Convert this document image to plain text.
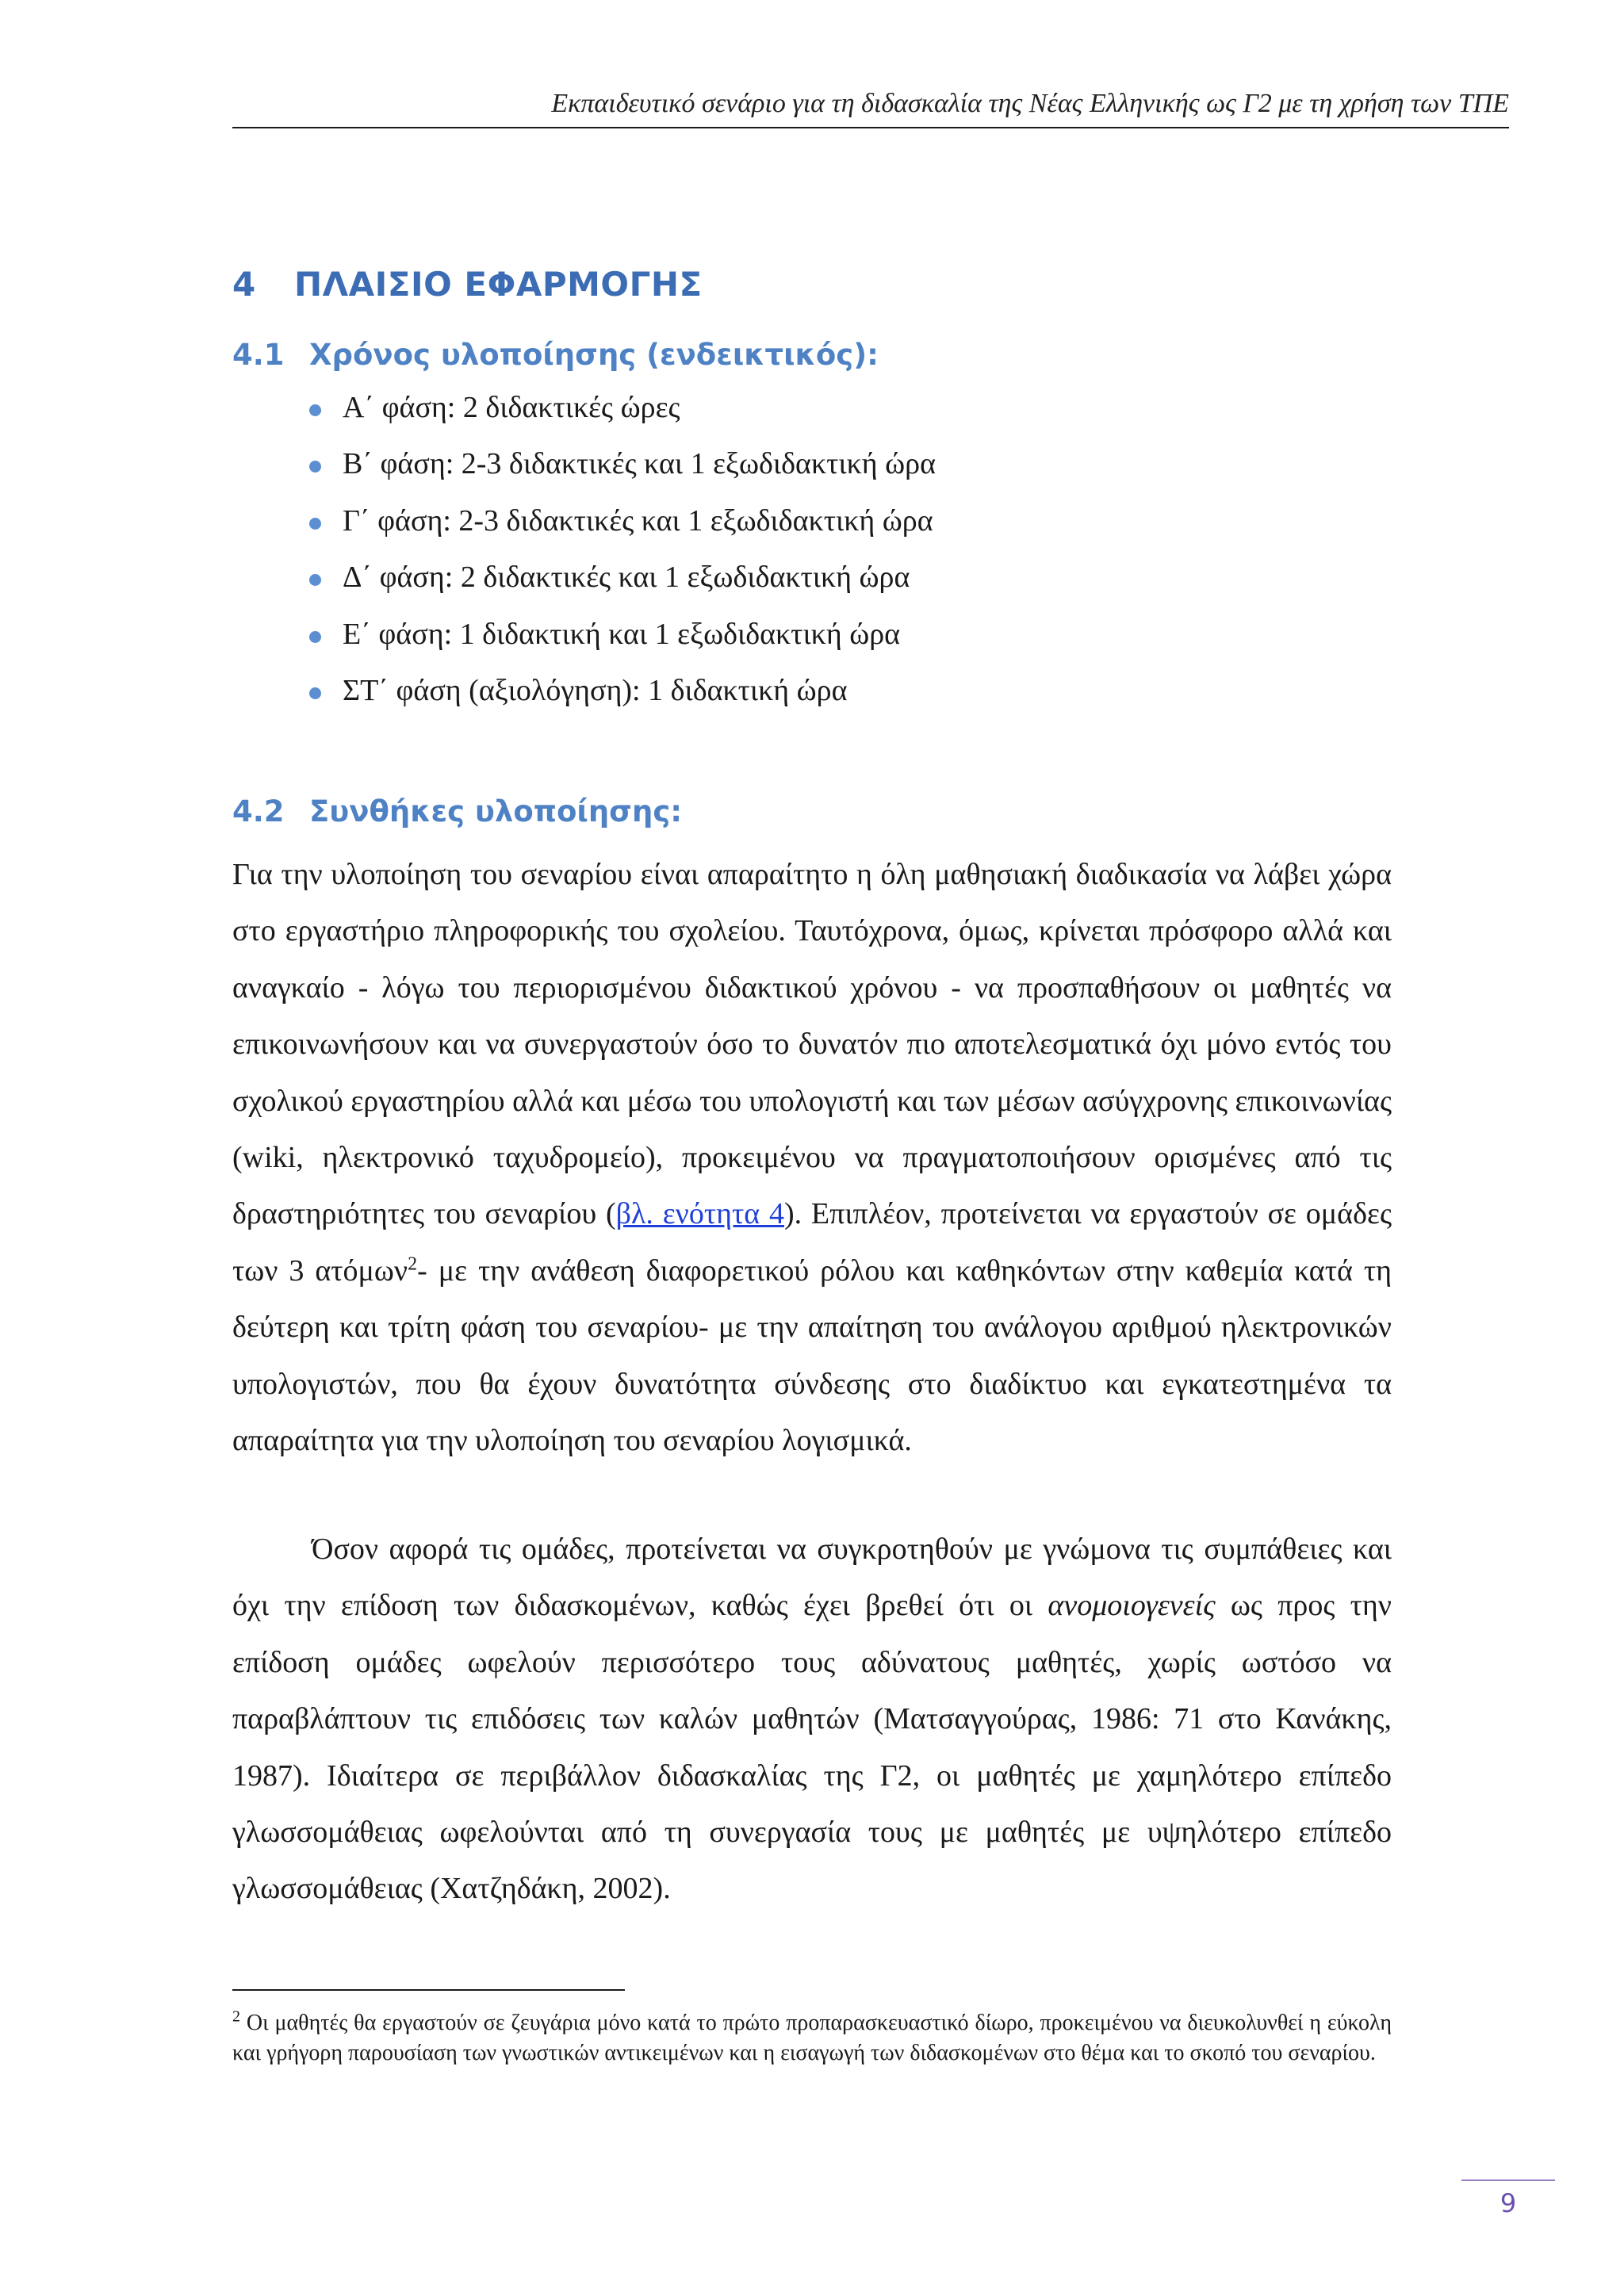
Εκπαιδευτικό σενάριο για τη διδασκαλία της Νέας Ελληνικής ως Γ2 με τη χρήση των ΤΠΕ
4 ΠΛΑΙΣΙΟ ΕΦΑΡΜΟΓΗΣ
4.1 Χρόνος υλοποίησης (ενδεικτικός):
Α΄ φάση: 2 διδακτικές ώρες
Β΄ φάση: 2-3 διδακτικές και 1 εξωδιδακτική ώρα
Γ΄ φάση: 2-3 διδακτικές και 1 εξωδιδακτική ώρα
Δ΄ φάση: 2 διδακτικές και 1 εξωδιδακτική ώρα
Ε΄ φάση: 1 διδακτική και 1 εξωδιδακτική ώρα
ΣΤ΄ φάση (αξιολόγηση): 1 διδακτική ώρα
4.2 Συνθήκες υλοποίησης:

Για την υλοποίηση του σεναρίου είναι απαραίτητο η όλη μαθησιακή διαδικασία να λάβει χώρα στο εργαστήριο πληροφορικής του σχολείου. Ταυτόχρονα, όμως, κρίνεται πρόσφορο αλλά και αναγκαίο - λόγω του περιορισμένου διδακτικού χρόνου - να προσπαθήσουν οι μαθητές να επικοινωνήσουν και να συνεργαστούν όσο το δυνατόν πιο αποτελεσματικά όχι μόνο εντός του σχολικού εργαστηρίου αλλά και μέσω του υπολογιστή και των μέσων ασύγχρονης επικοινωνίας (wiki, ηλεκτρονικό ταχυδρομείο), προκειμένου να πραγματοποιήσουν ορισμένες από τις δραστηριότητες του σεναρίου (βλ. ενότητα 4). Επιπλέον, προτείνεται να εργαστούν σε ομάδες των 3 ατόμων$^2$- με την ανάθεση διαφορετικού ρόλου και καθηκόντων στην καθεμία κατά τη δεύτερη και τρίτη φάση του σεναρίου- με την απαίτηση του ανάλογου αριθμού ηλεκτρονικών υπολογιστών, που θα έχουν δυνατότητα σύνδεσης στο διαδίκτυο και εγκατεστημένα τα απαραίτητα για την υλοποίηση του σεναρίου λογισμικά.

Όσον αφορά τις ομάδες, προτείνεται να συγκροτηθούν με γνώμονα τις συμπάθειες και όχι την επίδοση των διδασκομένων, καθώς έχει βρεθεί ότι οι ανομοιογενείς ως προς την επίδοση ομάδες ωφελούν περισσότερο τους αδύνατους μαθητές, χωρίς ωστόσο να παραβλάπτουν τις επιδόσεις των καλών μαθητών (Ματσαγγούρας, 1986: 71 στο Κανάκης, 1987). Ιδιαίτερα σε περιβάλλον διδασκαλίας της Γ2, οι μαθητές με χαμηλότερο επίπεδο γλωσσομάθειας ωφελούνται από τη συνεργασία τους με μαθητές με υψηλότερο επίπεδο γλωσσομάθειας (Χατζηδάκη, 2002).

$^2$ Οι μαθητές θα εργαστούν σε ζευγάρια μόνο κατά το πρώτο προπαρασκευαστικό δίωρο, προκειμένου να διευκολυνθεί η εύκολη και γρήγορη παρουσίαση των γνωστικών αντικειμένων και η εισαγωγή των διδασκομένων στο θέμα και το σκοπό του σεναρίου.
9
